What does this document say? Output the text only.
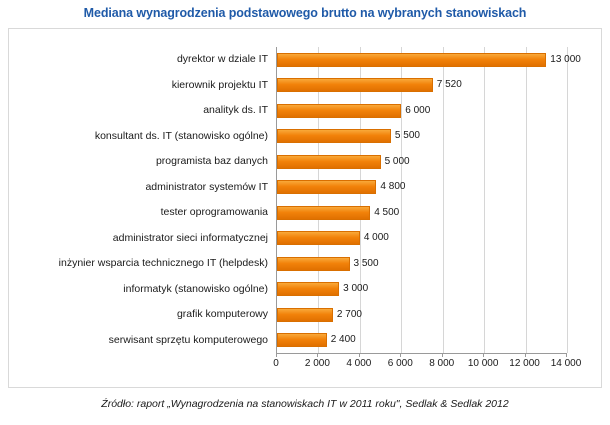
Mediana wynagrodzenia podstawowego brutto na wybranych stanowiskach
dyrektor w dziale IT
kierownik projektu IT
analityk ds. IT
konsultant ds. IT (stanowisko ogólne)
programista baz danych
administrator systemów IT
tester oprogramowania
administrator sieci informatycznej
inżynier wsparcia technicznego IT (helpdesk)
informatyk (stanowisko ogólne)
grafik komputerowy
serwisant sprzętu komputerowego
13 000
7 520
6 000
5 500
5 000
4 800
4 500
4 000
3 500
3 000
2 700
2 400
0	2 000 4 000 6 000 8 000 10 000 12 000 14 000
Źródło: raport „Wynagrodzenia na stanowiskach IT w 2011 roku", Sedlak & Sedlak 2012
